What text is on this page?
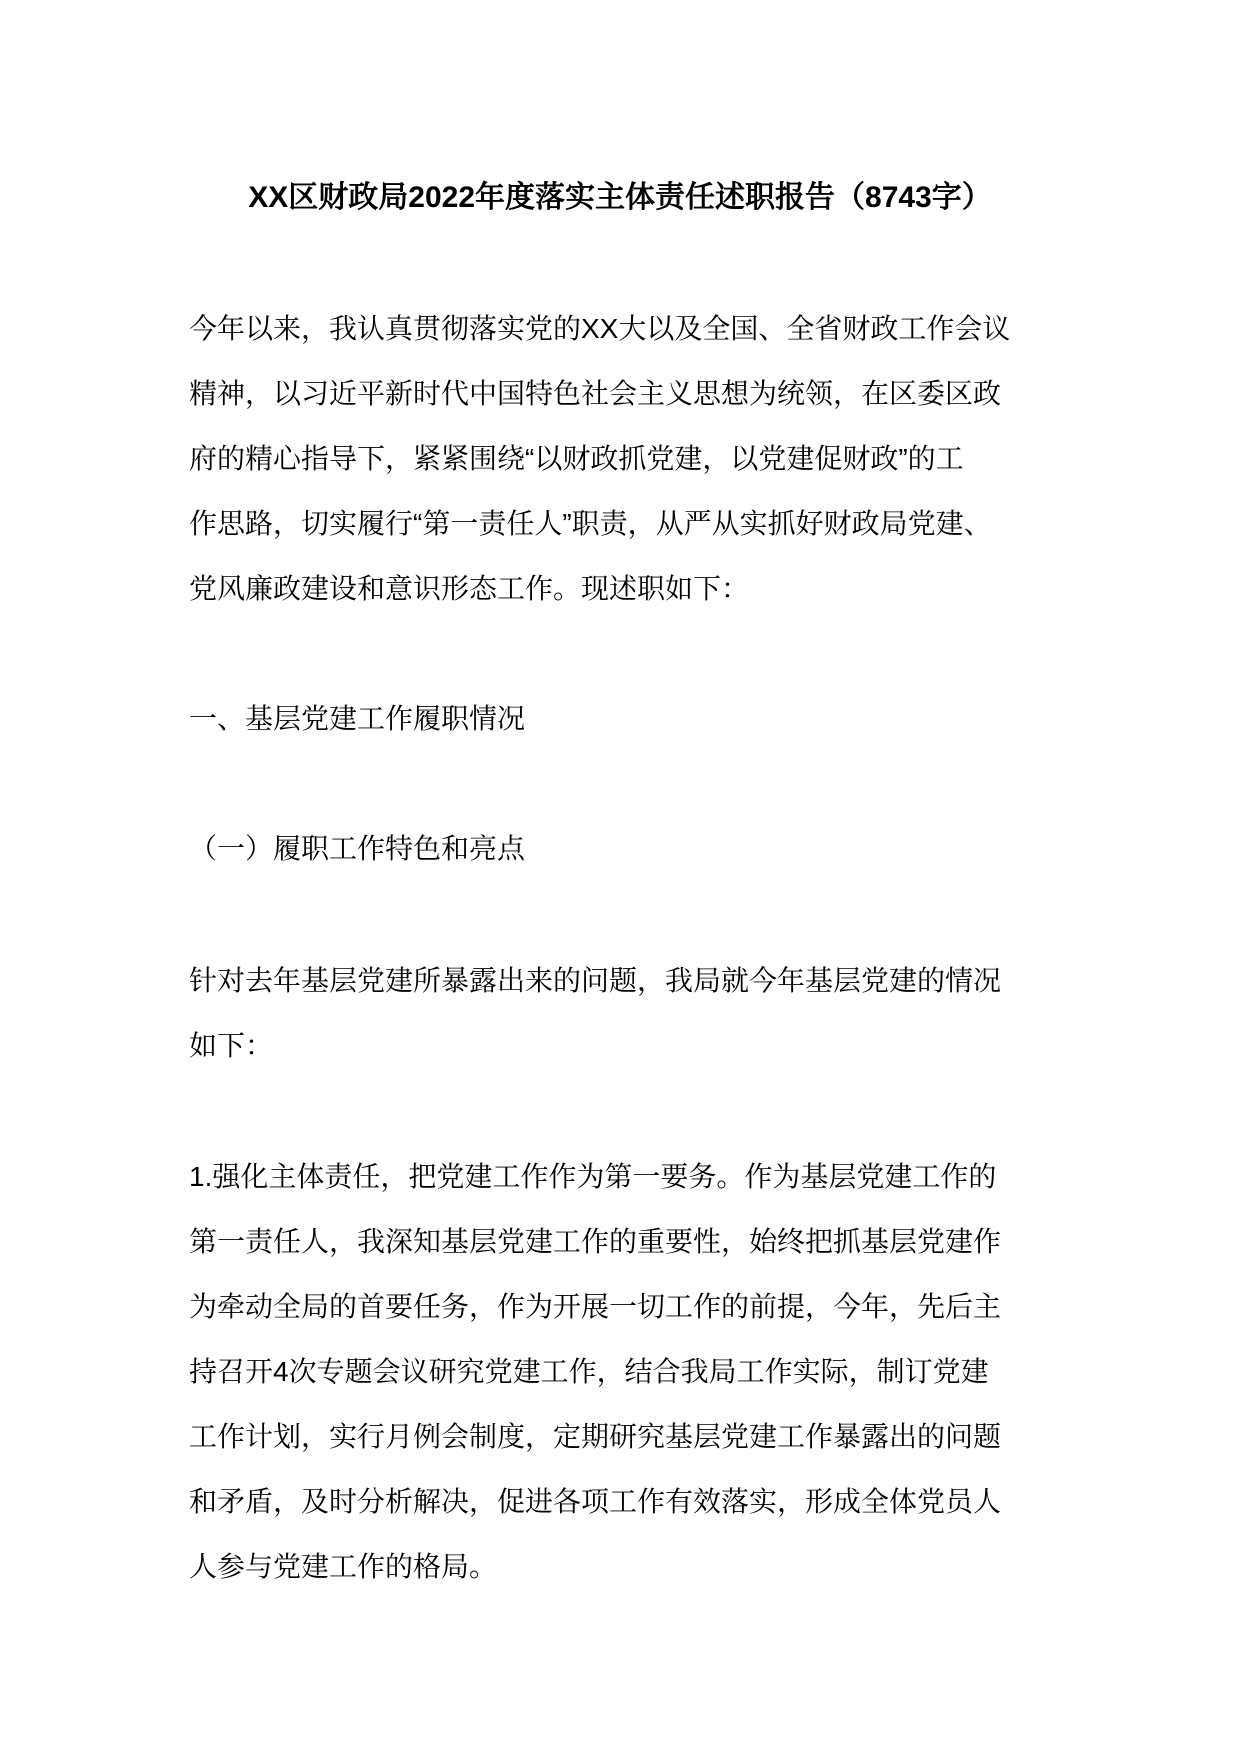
XX区财政局2022年度落实主体责任述职报告（8743字）
今年以来，我认真贯彻落实党的XX大以及全国、全省财政工作会议
精神，以习近平新时代中国特色社会主义思想为统领，在区委区政
府的精心指导下，紧紧围绕“以财政抓党建，以党建促财政”的工
作思路，切实履行“第一责任人”职责，从严从实抓好财政局党建、
党风廉政建设和意识形态工作。现述职如下：
一、基层党建工作履职情况
（一）履职工作特色和亮点
针对去年基层党建所暴露出来的问题，我局就今年基层党建的情况
如下：
1.强化主体责任，把党建工作作为第一要务。作为基层党建工作的
第一责任人，我深知基层党建工作的重要性，始终把抓基层党建作
为牵动全局的首要任务，作为开展一切工作的前提，今年，先后主
持召开4次专题会议研究党建工作，结合我局工作实际，制订党建
工作计划，实行月例会制度，定期研究基层党建工作暴露出的问题
和矛盾，及时分析解决，促进各项工作有效落实，形成全体党员人
人参与党建工作的格局。
